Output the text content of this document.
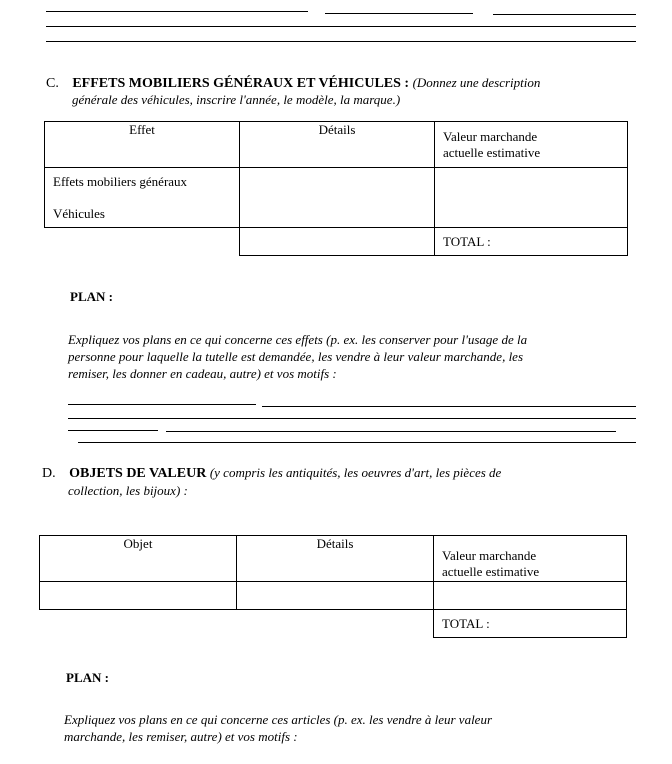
C. EFFETS MOBILIERS GÉNÉRAUX ET VÉHICULES : (Donnez une description
générale des véhicules, inscrire l'année, le modèle, la marque.)
Effet	Détails	Valeur marchande
actuelle estimative

Effets mobiliers généraux
Véhicules		

		TOTAL :
PLAN :
Expliquez vos plans en ce qui concerne ces effets (p. ex. les conserver pour l'usage de la
personne pour laquelle la tutelle est demandée, les vendre à leur valeur marchande, les
remiser, les donner en cadeau, autre) et vos motifs :
D. OBJETS DE VALEUR (y compris les antiquités, les oeuvres d'art, les pièces de
collection, les bijoux) :
Objet	Détails	Valeur marchande
actuelle estimative

		TOTAL :
PLAN :
Expliquez vos plans en ce qui concerne ces articles (p. ex. les vendre à leur valeur
marchande, les remiser, autre) et vos motifs :
